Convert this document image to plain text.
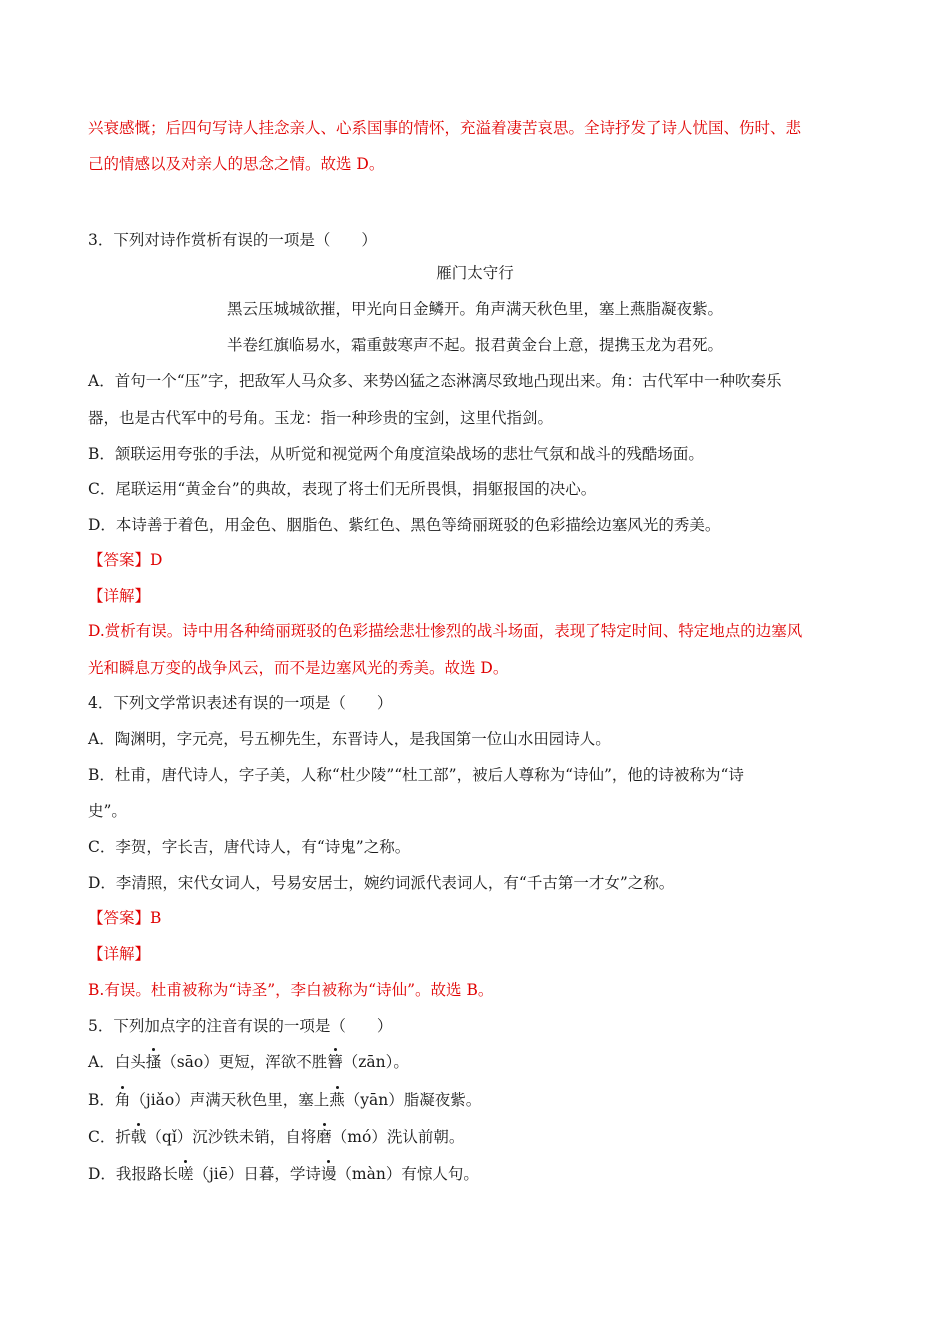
兴衰感慨；后四句写诗人挂念亲人、心系国事的情怀，充溢着凄苦哀思。全诗抒发了诗人忧国、伤时、悲
己的情感以及对亲人的思念之情。故选 D。
3．下列对诗作赏析有误的一项是（　　）
雁门太守行
黑云压城城欲摧，甲光向日金鳞开。角声满天秋色里，塞上燕脂凝夜紫。
半卷红旗临易水，霜重鼓寒声不起。报君黄金台上意，提携玉龙为君死。
A．首句一个“压”字，把敌军人马众多、来势凶猛之态淋漓尽致地凸现出来。角：古代军中一种吹奏乐
器，也是古代军中的号角。玉龙：指一种珍贵的宝剑，这里代指剑。
B．颔联运用夸张的手法，从听觉和视觉两个角度渲染战场的悲壮气氛和战斗的残酷场面。
C．尾联运用“黄金台”的典故，表现了将士们无所畏惧，捐躯报国的决心。
D．本诗善于着色，用金色、胭脂色、紫红色、黑色等绮丽斑驳的色彩描绘边塞风光的秀美。
【答案】D
【详解】
D.赏析有误。诗中用各种绮丽斑驳的色彩描绘悲壮惨烈的战斗场面，表现了特定时间、特定地点的边塞风
光和瞬息万变的战争风云，而不是边塞风光的秀美。故选 D。
4．下列文学常识表述有误的一项是（　　）
A．陶渊明，字元亮，号五柳先生，东晋诗人，是我国第一位山水田园诗人。
B．杜甫，唐代诗人，字子美，人称“杜少陵”“杜工部”，被后人尊称为“诗仙”，他的诗被称为“诗
史”。
C．李贺，字长吉，唐代诗人，有“诗鬼”之称。
D．李清照，宋代女词人，号易安居士，婉约词派代表词人，有“千古第一才女”之称。
【答案】B
【详解】
B.有误。杜甫被称为“诗圣”，李白被称为“诗仙”。故选 B。
5．下列加点字的注音有误的一项是（　　）
A．白头搔（sāo）更短，浑欲不胜簪（zān）。
B．角（jiǎo）声满天秋色里，塞上燕（yān）脂凝夜紫。
C．折戟（qǐ）沉沙铁未销，自将磨（mó）洗认前朝。
D．我报路长嗟（jiē）日暮，学诗谩（màn）有惊人句。
